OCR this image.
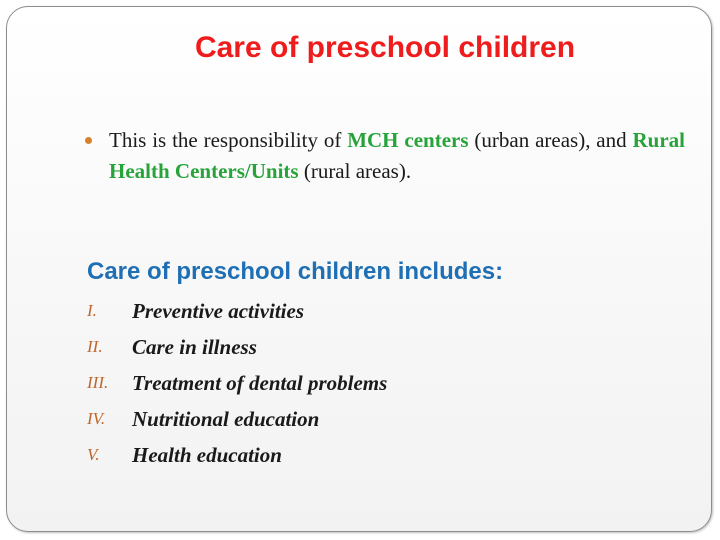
Care of preschool children
This is the responsibility of MCH centers (urban areas), and Rural Health Centers/Units (rural areas).
Care of preschool children includes:
I.	Preventive activities
II.	Care in illness
III.	Treatment of dental problems
IV.	Nutritional education
V.	Health education
